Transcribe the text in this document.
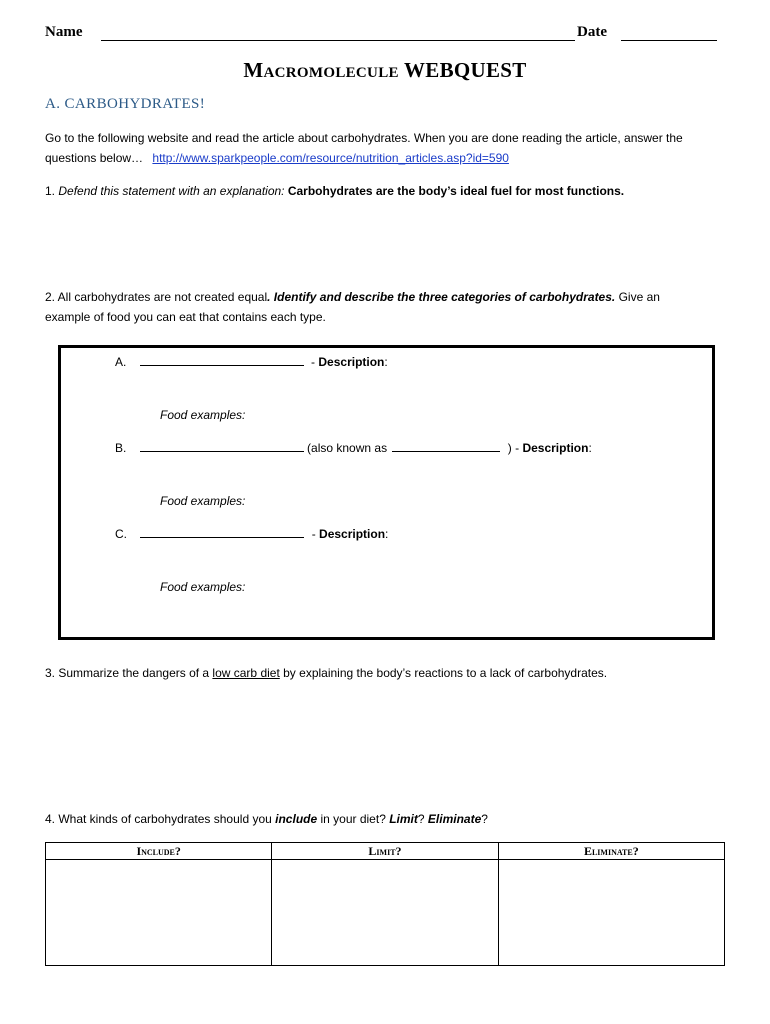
Name	Date
Macromolecule WEBQUEST
A. CARBOHYDRATES!
Go to the following website and read the article about carbohydrates. When you are done reading the article, answer the questions below… http://www.sparkpeople.com/resource/nutrition_articles.asp?id=590
1. Defend this statement with an explanation: Carbohydrates are the body’s ideal fuel for most functions.
2. All carbohydrates are not created equal. Identify and describe the three categories of carbohydrates. Give an example of food you can eat that contains each type.
A.	- Description:
Food examples:
B.	(also known as	) - Description:
Food examples:
C.	- Description:
Food examples:
3. Summarize the dangers of a low carb diet by explaining the body’s reactions to a lack of carbohydrates.
4. What kinds of carbohydrates should you include in your diet? Limit? Eliminate?
Include?	Limit?	Eliminate?
